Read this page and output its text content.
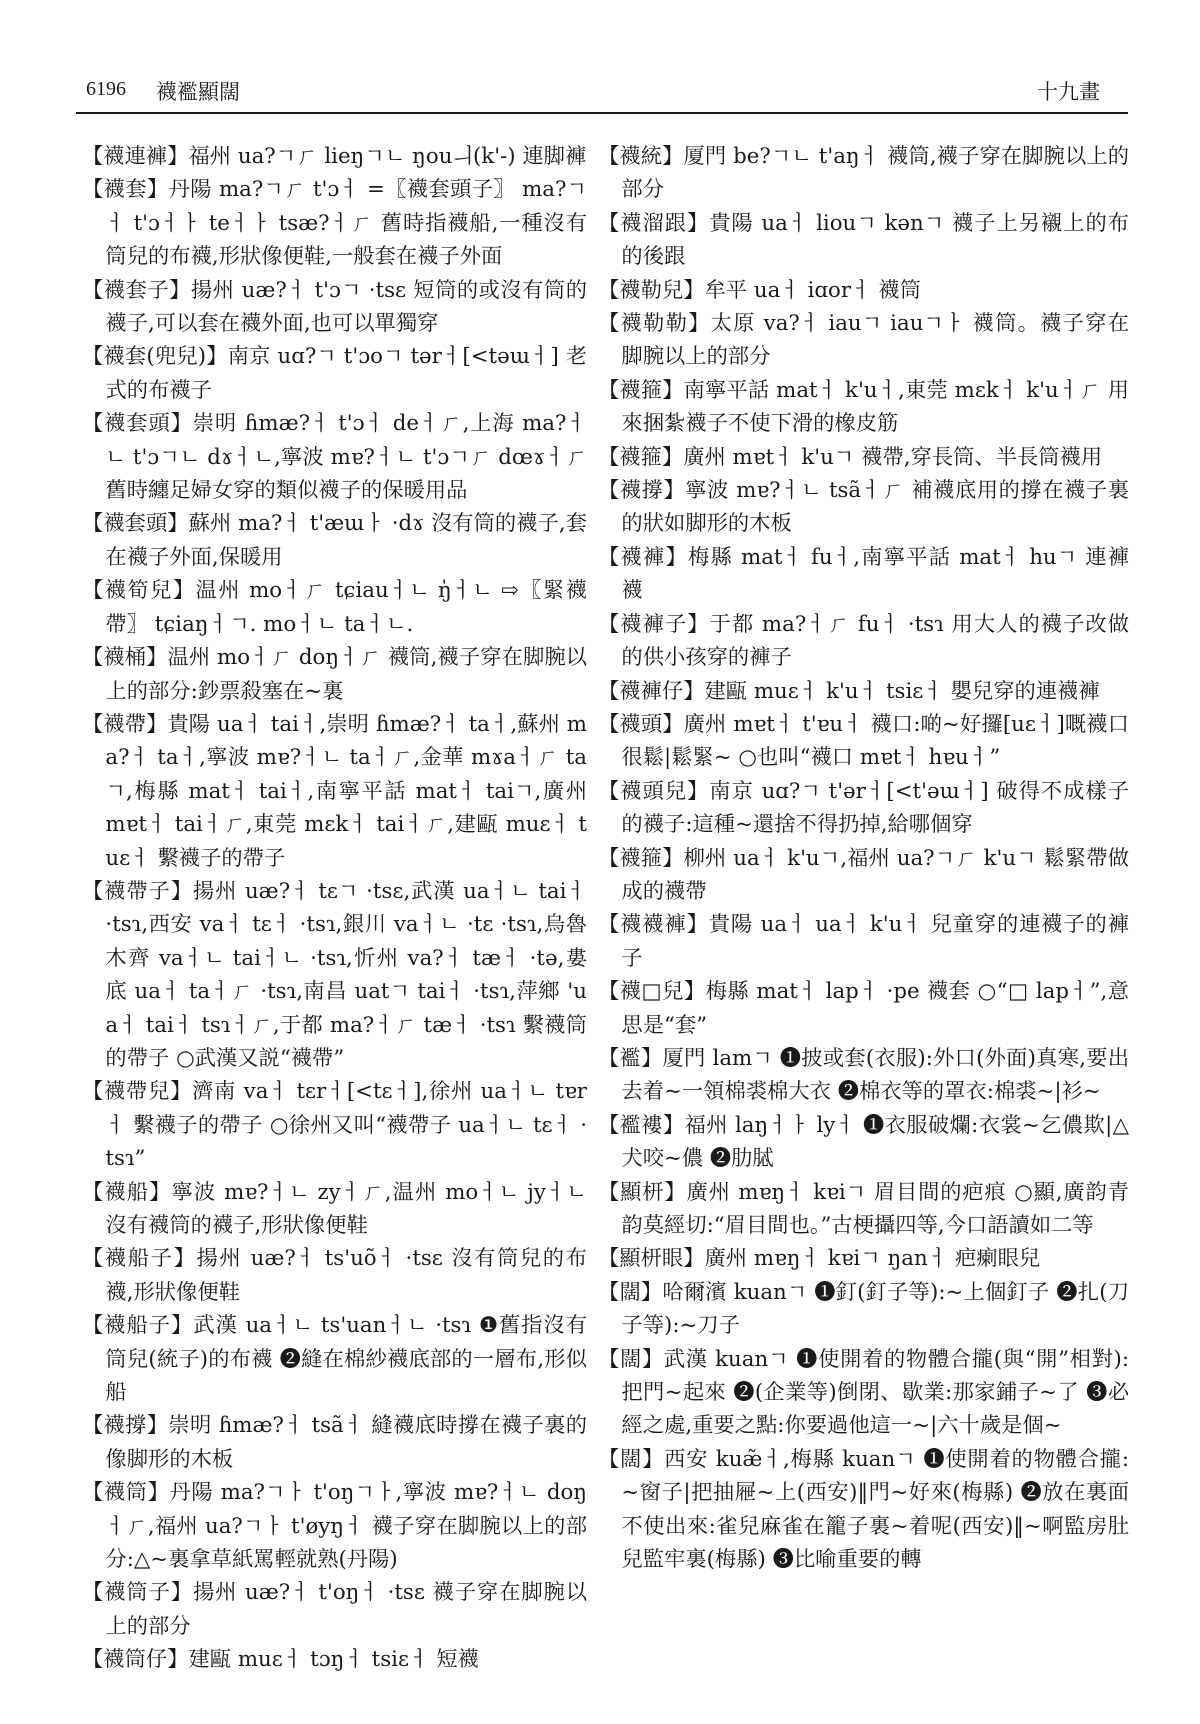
6196 襪襤顯闊	十九畫

【襪連褲】福州 ua?ㄱㄏ lieŋㄱㄴ ŋouㅢ(k'-) 連脚褲

【襪套】丹陽 ma?ㄱㄏ t'ɔㅓ =〖襪套頭子〗 ma?ㄱㅓ t'ɔㅓㅏ teㅓㅏ tsæ?ㅓㄏ 舊時指襪船,一種沒有筒兒的布襪,形狀像便鞋,一般套在襪子外面

【襪套子】揚州 uæ?ㅓ t'ɔㄱ ·tsɛ 短筒的或沒有筒的襪子,可以套在襪外面,也可以單獨穿

【襪套(兜兒)】南京 uɑ?ㄱ t'ɔoㄱ tərㅓ[<təɯㅓ] 老式的布襪子

【襪套頭】崇明 ɦmæ?ㅓ t'ɔㅓ deㅓㄏ,上海 ma?ㅓㄴ t'ɔㄱㄴ dɤㅓㄴ,寧波 mɐ?ㅓㄴ t'ɔㄱㄏ dœɤㅓㄏ 舊時纏足婦女穿的類似襪子的保暖用品

【襪套頭】蘇州 ma?ㅓ t'æɯㅏ ·dɤ 沒有筒的襪子,套在襪子外面,保暖用

【襪筍兒】温州 moㅓㄏ tɕiauㅓㄴ ŋ̍ㅓㄴ ⇨〖緊襪帶〗 tɕiaŋㅓㄱ. moㅓㄴ taㅓㄴ.

【襪桶】温州 moㅓㄏ doŋㅓㄏ 襪筒,襪子穿在脚腕以上的部分:鈔票殺塞在~裏

【襪帶】貴陽 uaㅓ taiㅓ,崇明 ɦmæ?ㅓ taㅓ,蘇州 ma?ㅓ taㅓ,寧波 mɐ?ㅓㄴ taㅓㄏ,金華 mɤaㅓㄏ taㄱ,梅縣 matㅓ taiㅓ,南寧平話 matㅓ taiㄱ,廣州 mɐtㅓ taiㅓㄏ,東莞 mɛkㅓ taiㅓㄏ,建甌 muɛㅓ tuɛㅓ 繫襪子的帶子

【襪帶子】揚州 uæ?ㅓ tɛㄱ ·tsɛ,武漢 uaㅓㄴ taiㅓ ·tsɿ,西安 vaㅓ tɛㅓ ·tsɿ,銀川 vaㅓㄴ ·tɛ ·tsɿ,烏魯木齊 vaㅓㄴ taiㅓㄴ ·tsɿ,忻州 va?ㅓ tæㅓ ·tə,婁底 uaㅓ taㅓㄏ ·tsɿ,南昌 uatㄱ taiㅓ ·tsɿ,萍鄉 'uaㅓ taiㅓ tsɿㅓㄏ,于都 ma?ㅓㄏ tæㅓ ·tsɿ 繫襪筒的帶子 ○武漢又説“襪帶”

【襪帶兒】濟南 vaㅓ tɛrㅓ[<tɛㅓ],徐州 uaㅓㄴ tɐrㅓ 繫襪子的帶子 ○徐州又叫“襪帶子 uaㅓㄴ tɛㅓ ·tsɿ”

【襪船】寧波 mɐ?ㅓㄴ zyㅓㄏ,温州 moㅓㄴ jyㅓㄴ 沒有襪筒的襪子,形狀像便鞋

【襪船子】揚州 uæ?ㅓ ts'uõㅓ ·tsɛ 沒有筒兒的布襪,形狀像便鞋

【襪船子】武漢 uaㅓㄴ ts'uanㅓㄴ ·tsɿ ❶舊指沒有筒兒(統子)的布襪 ❷縫在棉紗襪底部的一層布,形似船

【襪撐】崇明 ɦmæ?ㅓ tsãㅓ 縫襪底時撐在襪子裏的像脚形的木板

【襪筒】丹陽 ma?ㄱㅏ t'oŋㄱㅏ,寧波 mɐ?ㅓㄴ doŋㅓㄏ,福州 ua?ㄱㅏ t'øyŋㅓ 襪子穿在脚腕以上的部分:△~裏拿草紙罵輕就熟(丹陽)

【襪筒子】揚州 uæ?ㅓ t'oŋㅓ ·tsɛ 襪子穿在脚腕以上的部分

【襪筒仔】建甌 muɛㅓ tɔŋㅓ tsiɛㅓ 短襪

【襪統】厦門 be?ㄱㄴ t'aŋㅓ 襪筒,襪子穿在脚腕以上的部分

【襪溜跟】貴陽 uaㅓ liouㄱ kənㄱ 襪子上另襯上的布的後跟

【襪勒兒】牟平 uaㅓ iɑorㅓ 襪筒

【襪勒勒】太原 va?ㅓ iauㄱ iauㄱㅏ 襪筒。襪子穿在脚腕以上的部分

【襪箍】南寧平話 matㅓ k'uㅓ,東莞 mɛkㅓ k'uㅓㄏ 用來捆紮襪子不使下滑的橡皮筋

【襪箍】廣州 mɐtㅓ k'uㄱ 襪帶,穿長筒、半長筒襪用

【襪撐】寧波 mɐ?ㅓㄴ tsãㅓㄏ 補襪底用的撐在襪子裏的狀如脚形的木板

【襪褲】梅縣 matㅓ fuㅓ,南寧平話 matㅓ huㄱ 連褲襪

【襪褲子】于都 ma?ㅓㄏ fuㅓ ·tsɿ 用大人的襪子改做的供小孩穿的褲子

【襪褲仔】建甌 muɛㅓ k'uㅓ tsiɛㅓ 嬰兒穿的連襪褲

【襪頭】廣州 mɐtㅓ t'ɐuㅓ 襪口:啲~好攞[uɛㅓ]嘅襪口很鬆|鬆緊~ ○也叫“襪口 mɐtㅓ hɐuㅓ”

【襪頭兒】南京 uɑ?ㄱ t'ərㅓ[<t'əɯㅓ] 破得不成樣子的襪子:這種~還捨不得扔掉,給哪個穿

【襪箍】柳州 uaㅓ k'uㄱ,福州 ua?ㄱㄏ k'uㄱ 鬆緊帶做成的襪帶

【襪襪褲】貴陽 uaㅓ uaㅓ k'uㅓ 兒童穿的連襪子的褲子

【襪□兒】梅縣 matㅓ lapㅓ ·pe 襪套 ○“□ lapㅓ”,意思是“套”

【襤】厦門 lamㄱ ❶披或套(衣服):外口(外面)真寒,要出去着~一領棉裘棉大衣 ❷棉衣等的罩衣:棉裘~|衫~

【襤褸】福州 laŋㅓㅏ lyㅓ ❶衣服破爛:衣裳~乞儂欺|△犬咬~儂 ❷肋脦

【顯枅】廣州 mɐŋㅓ kɐiㄱ 眉目間的疤痕 ○顯,廣韵青韵莫經切:“眉目間也。”古梗攝四等,今口語讀如二等

【顯枅眼】廣州 mɐŋㅓ kɐiㄱ ŋanㅓ 疤瘌眼兒

【闊】哈爾濱 kuanㄱ ❶釘(釘子等):~上個釘子 ❷扎(刀子等):~刀子

【闊】武漢 kuanㄱ ❶使開着的物體合攏(與“開”相對):把門~起來 ❷(企業等)倒閉、歇業:那家鋪子~了 ❸必經之處,重要之點:你要過他這一~|六十歲是個~

【闊】西安 kuæ̃ㅓ,梅縣 kuanㄱ ❶使開着的物體合攏:~窗子|把抽屜~上(西安)‖門~好來(梅縣) ❷放在裏面不使出來:雀兒麻雀在籠子裏~着呢(西安)‖~啊監房肚兒監牢裏(梅縣) ❸比喻重要的轉
